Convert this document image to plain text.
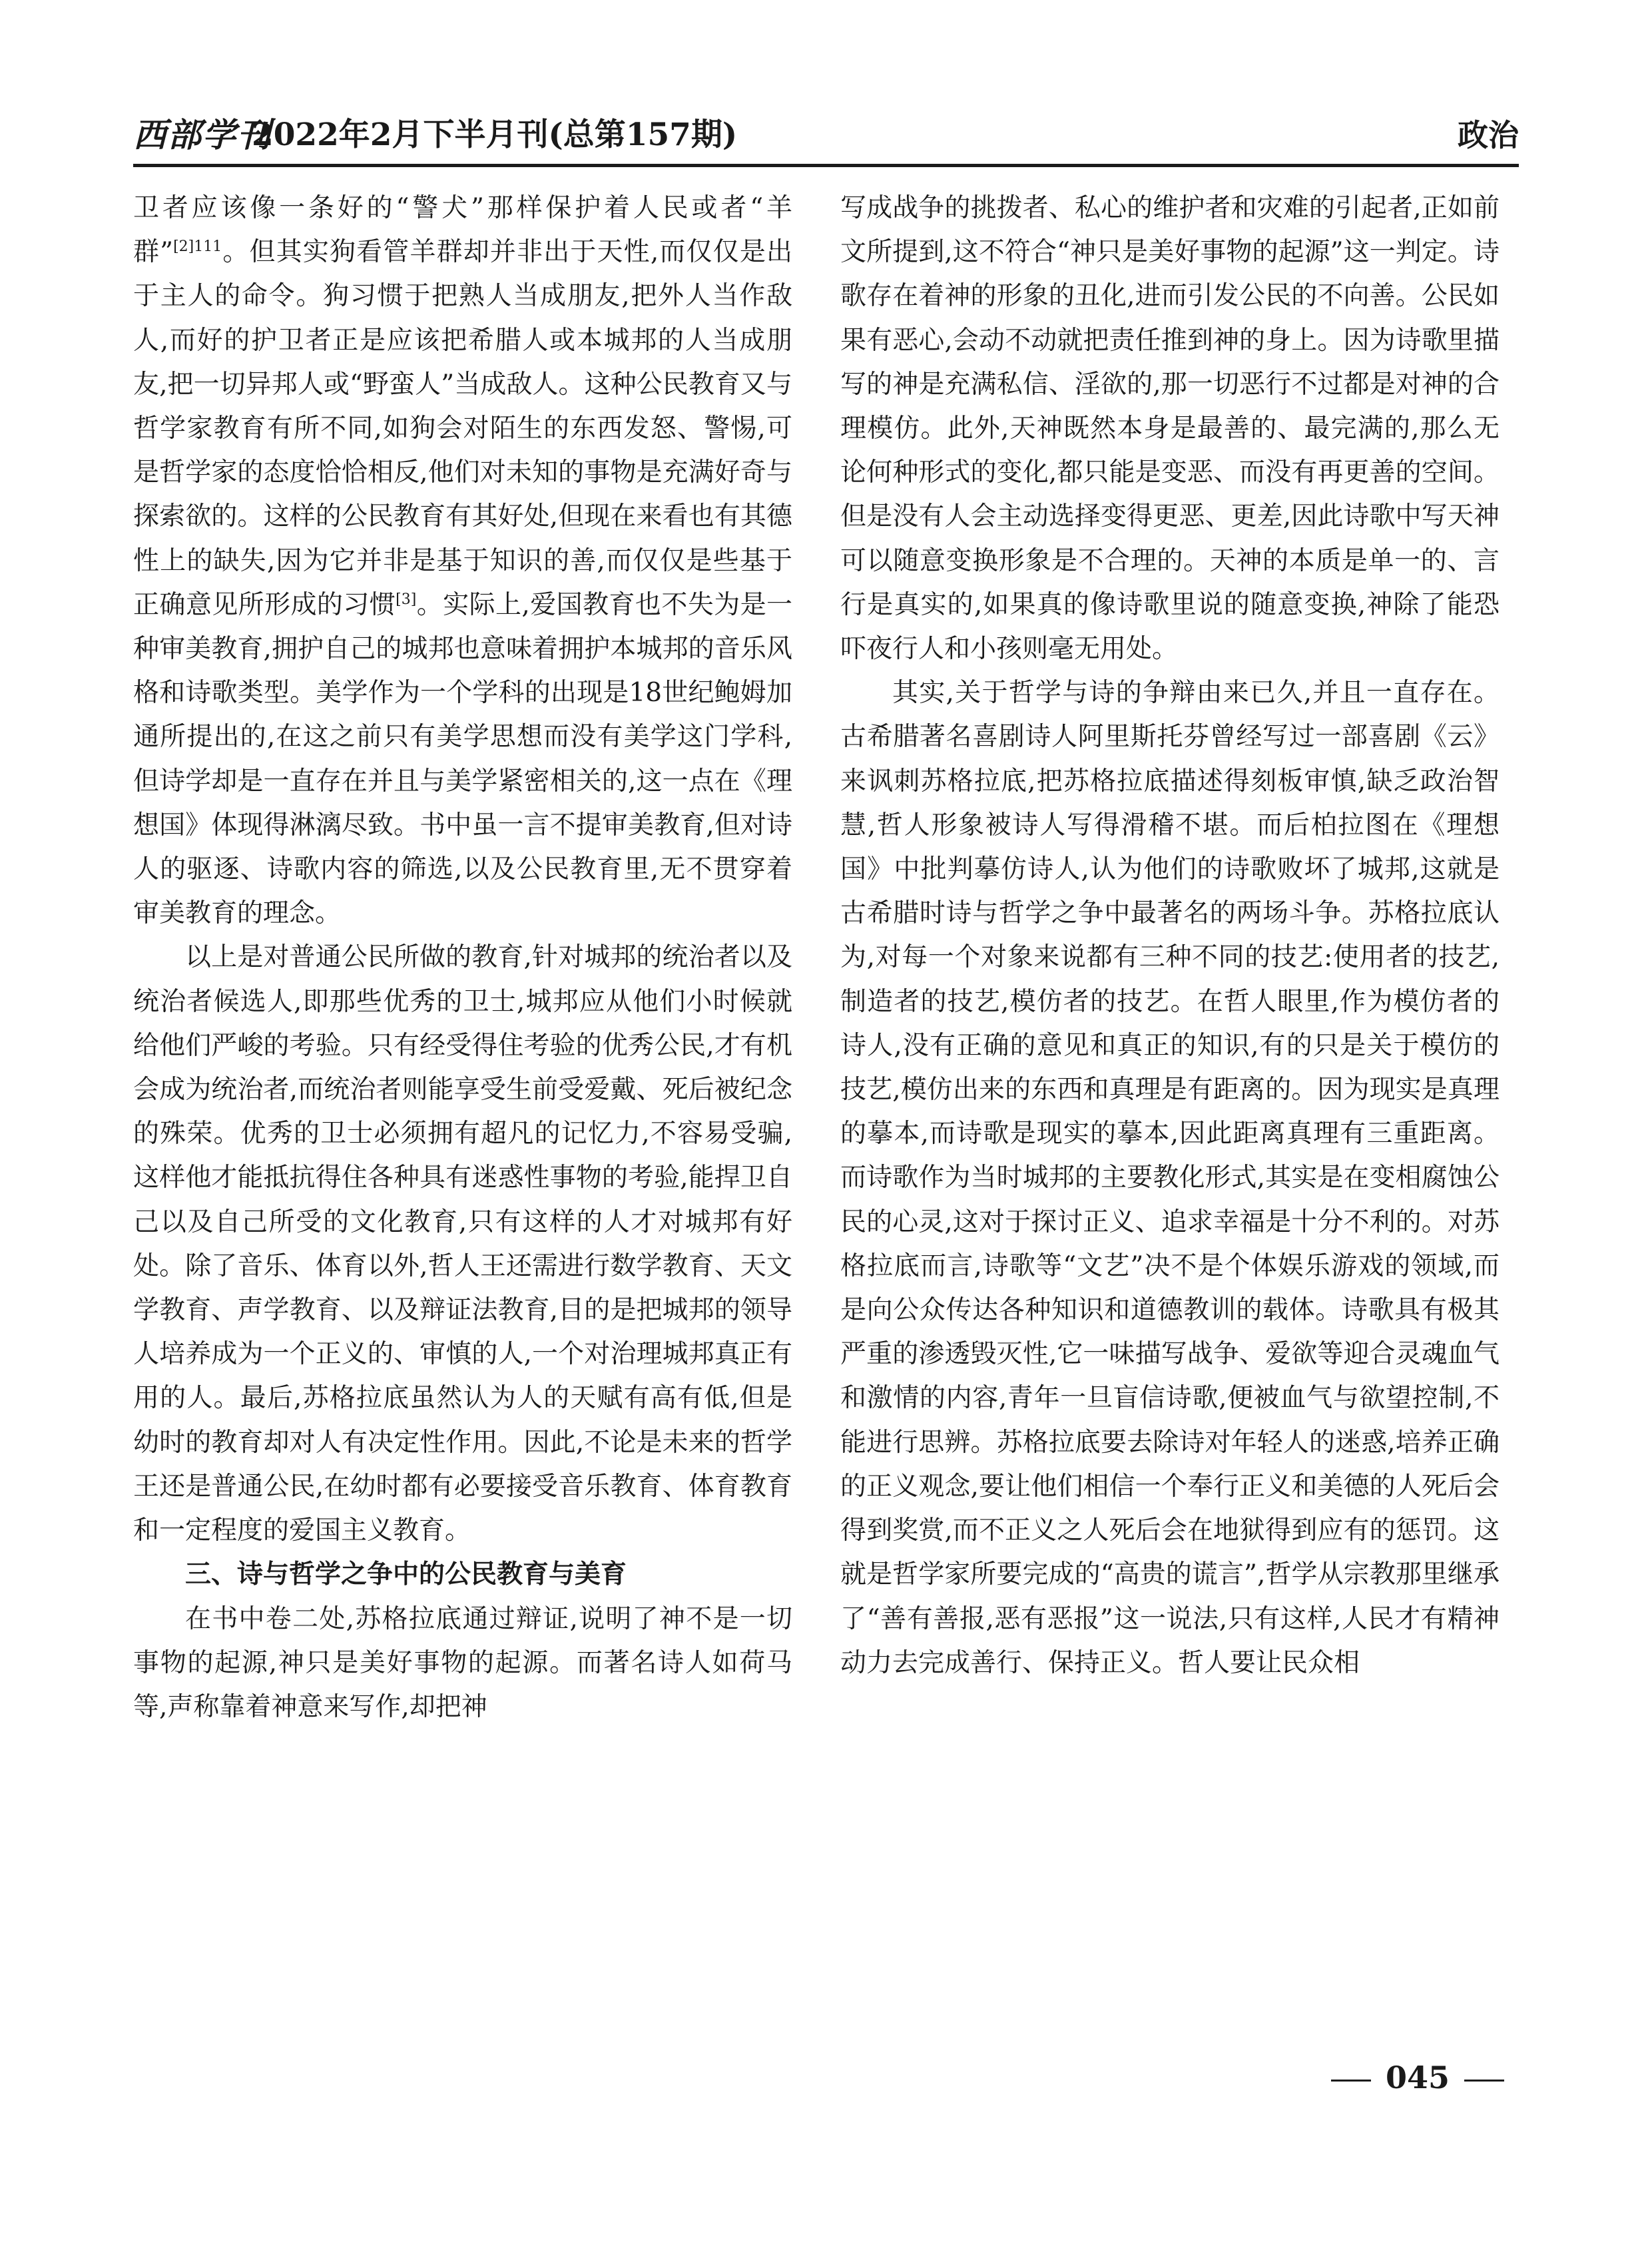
西部学刊
2022年2月下半月刊(总第157期)	政治

卫者应该像一条好的“警犬”那样保护着人民或者“羊群”$^{[2]111}$。但其实狗看管羊群却并非出于天性,而仅仅是出于主人的命令。狗习惯于把熟人当成朋友,把外人当作敌人,而好的护卫者正是应该把希腊人或本城邦的人当成朋友,把一切异邦人或“野蛮人”当成敌人。这种公民教育又与哲学家教育有所不同,如狗会对陌生的东西发怒、警惕,可是哲学家的态度恰恰相反,他们对未知的事物是充满好奇与探索欲的。这样的公民教育有其好处,但现在来看也有其德性上的缺失,因为它并非是基于知识的善,而仅仅是些基于正确意见所形成的习惯[3]。实际上,爱国教育也不失为是一种审美教育,拥护自己的城邦也意味着拥护本城邦的音乐风格和诗歌类型。美学作为一个学科的出现是18世纪鲍姆加通所提出的,在这之前只有美学思想而没有美学这门学科,但诗学却是一直存在并且与美学紧密相关的,这一点在《理想国》体现得淋漓尽致。书中虽一言不提审美教育,但对诗人的驱逐、诗歌内容的筛选,以及公民教育里,无不贯穿着审美教育的理念。

以上是对普通公民所做的教育,针对城邦的统治者以及统治者候选人,即那些优秀的卫士,城邦应从他们小时候就给他们严峻的考验。只有经受得住考验的优秀公民,才有机会成为统治者,而统治者则能享受生前受爱戴、死后被纪念的殊荣。优秀的卫士必须拥有超凡的记忆力,不容易受骗,这样他才能抵抗得住各种具有迷惑性事物的考验,能捍卫自己以及自己所受的文化教育,只有这样的人才对城邦有好处。除了音乐、体育以外,哲人王还需进行数学教育、天文学教育、声学教育、以及辩证法教育,目的是把城邦的领导人培养成为一个正义的、审慎的人,一个对治理城邦真正有用的人。最后,苏格拉底虽然认为人的天赋有高有低,但是幼时的教育却对人有决定性作用。因此,不论是未来的哲学王还是普通公民,在幼时都有必要接受音乐教育、体育教育和一定程度的爱国主义教育。

三、诗与哲学之争中的公民教育与美育

在书中卷二处,苏格拉底通过辩证,说明了神不是一切事物的起源,神只是美好事物的起源。而著名诗人如荷马等,声称靠着神意来写作,却把神

写成战争的挑拨者、私心的维护者和灾难的引起者,正如前文所提到,这不符合“神只是美好事物的起源”这一判定。诗歌存在着神的形象的丑化,进而引发公民的不向善。公民如果有恶心,会动不动就把责任推到神的身上。因为诗歌里描写的神是充满私信、淫欲的,那一切恶行不过都是对神的合理模仿。此外,天神既然本身是最善的、最完满的,那么无论何种形式的变化,都只能是变恶、而没有再更善的空间。但是没有人会主动选择变得更恶、更差,因此诗歌中写天神可以随意变换形象是不合理的。天神的本质是单一的、言行是真实的,如果真的像诗歌里说的随意变换,神除了能恐吓夜行人和小孩则毫无用处。

其实,关于哲学与诗的争辩由来已久,并且一直存在。古希腊著名喜剧诗人阿里斯托芬曾经写过一部喜剧《云》来讽刺苏格拉底,把苏格拉底描述得刻板审慎,缺乏政治智慧,哲人形象被诗人写得滑稽不堪。而后柏拉图在《理想国》中批判摹仿诗人,认为他们的诗歌败坏了城邦,这就是古希腊时诗与哲学之争中最著名的两场斗争。苏格拉底认为,对每一个对象来说都有三种不同的技艺:使用者的技艺,制造者的技艺,模仿者的技艺。在哲人眼里,作为模仿者的诗人,没有正确的意见和真正的知识,有的只是关于模仿的技艺,模仿出来的东西和真理是有距离的。因为现实是真理的摹本,而诗歌是现实的摹本,因此距离真理有三重距离。而诗歌作为当时城邦的主要教化形式,其实是在变相腐蚀公民的心灵,这对于探讨正义、追求幸福是十分不利的。对苏格拉底而言,诗歌等“文艺”决不是个体娱乐游戏的领域,而是向公众传达各种知识和道德教训的载体。诗歌具有极其严重的渗透毁灭性,它一味描写战争、爱欲等迎合灵魂血气和激情的内容,青年一旦盲信诗歌,便被血气与欲望控制,不能进行思辨。苏格拉底要去除诗对年轻人的迷惑,培养正确的正义观念,要让他们相信一个奉行正义和美德的人死后会得到奖赏,而不正义之人死后会在地狱得到应有的惩罚。这就是哲学家所要完成的“高贵的谎言”,哲学从宗教那里继承了“善有善报,恶有恶报”这一说法,只有这样,人民才有精神动力去完成善行、保持正义。哲人要让民众相

045
